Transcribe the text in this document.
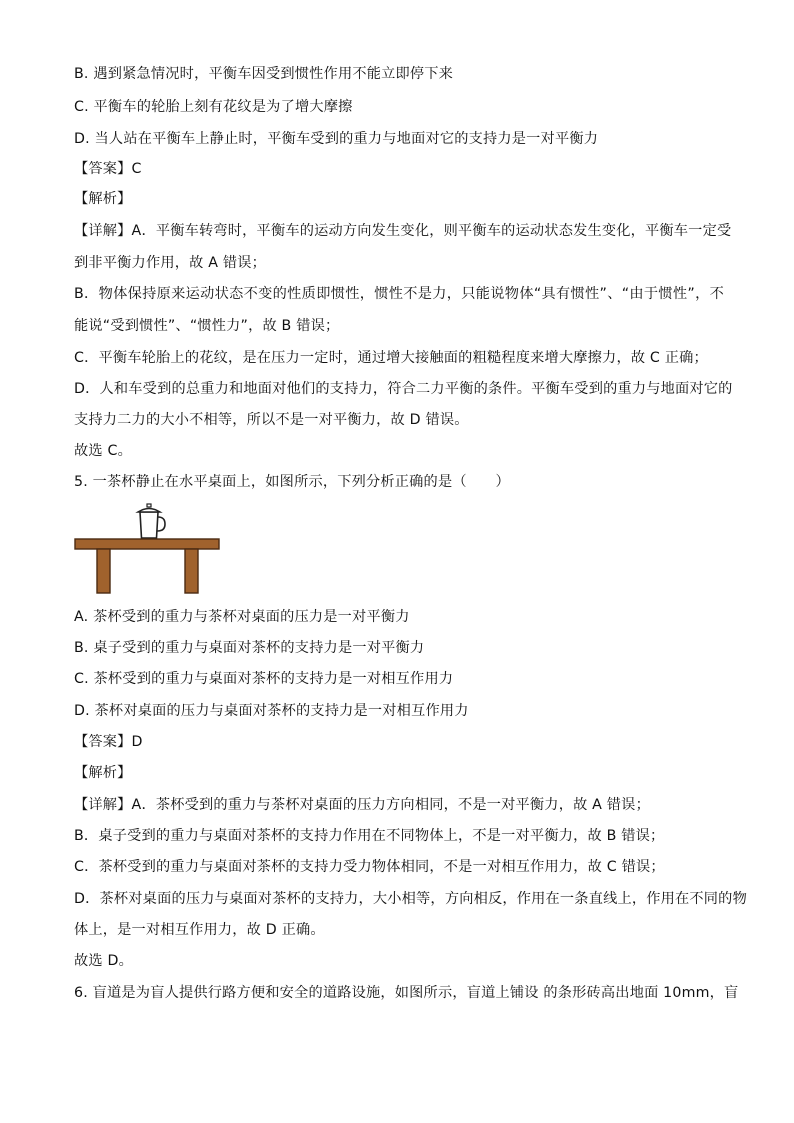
B. 遇到紧急情况时，平衡车因受到惯性作用不能立即停下来
C. 平衡车的轮胎上刻有花纹是为了增大摩擦
D. 当人站在平衡车上静止时，平衡车受到的重力与地面对它的支持力是一对平衡力
【答案】C
【解析】
【详解】A．平衡车转弯时，平衡车的运动方向发生变化，则平衡车的运动状态发生变化，平衡车一定受
到非平衡力作用，故 A 错误；
B．物体保持原来运动状态不变的性质即惯性，惯性不是力，只能说物体“具有惯性”、“由于惯性”，不
能说“受到惯性”、“惯性力”，故 B 错误；
C．平衡车轮胎上的花纹，是在压力一定时，通过增大接触面的粗糙程度来增大摩擦力，故 C 正确；
D．人和车受到的总重力和地面对他们的支持力，符合二力平衡的条件。平衡车受到的重力与地面对它的
支持力二力的大小不相等，所以不是一对平衡力，故 D 错误。
故选 C。
5. 一茶杯静止在水平桌面上，如图所示，下列分析正确的是（　　）
A. 茶杯受到的重力与茶杯对桌面的压力是一对平衡力
B. 桌子受到的重力与桌面对茶杯的支持力是一对平衡力
C. 茶杯受到的重力与桌面对茶杯的支持力是一对相互作用力
D. 茶杯对桌面的压力与桌面对茶杯的支持力是一对相互作用力
【答案】D
【解析】
【详解】A．茶杯受到的重力与茶杯对桌面的压力方向相同，不是一对平衡力，故 A 错误；
B．桌子受到的重力与桌面对茶杯的支持力作用在不同物体上，不是一对平衡力，故 B 错误；
C．茶杯受到的重力与桌面对茶杯的支持力受力物体相同，不是一对相互作用力，故 C 错误；
D．茶杯对桌面的压力与桌面对茶杯的支持力，大小相等，方向相反，作用在一条直线上，作用在不同的物
体上，是一对相互作用力，故 D 正确。
故选 D。
6. 盲道是为盲人提供行路方便和安全的道路设施，如图所示，盲道上铺设 的条形砖高出地面 10mm，盲
